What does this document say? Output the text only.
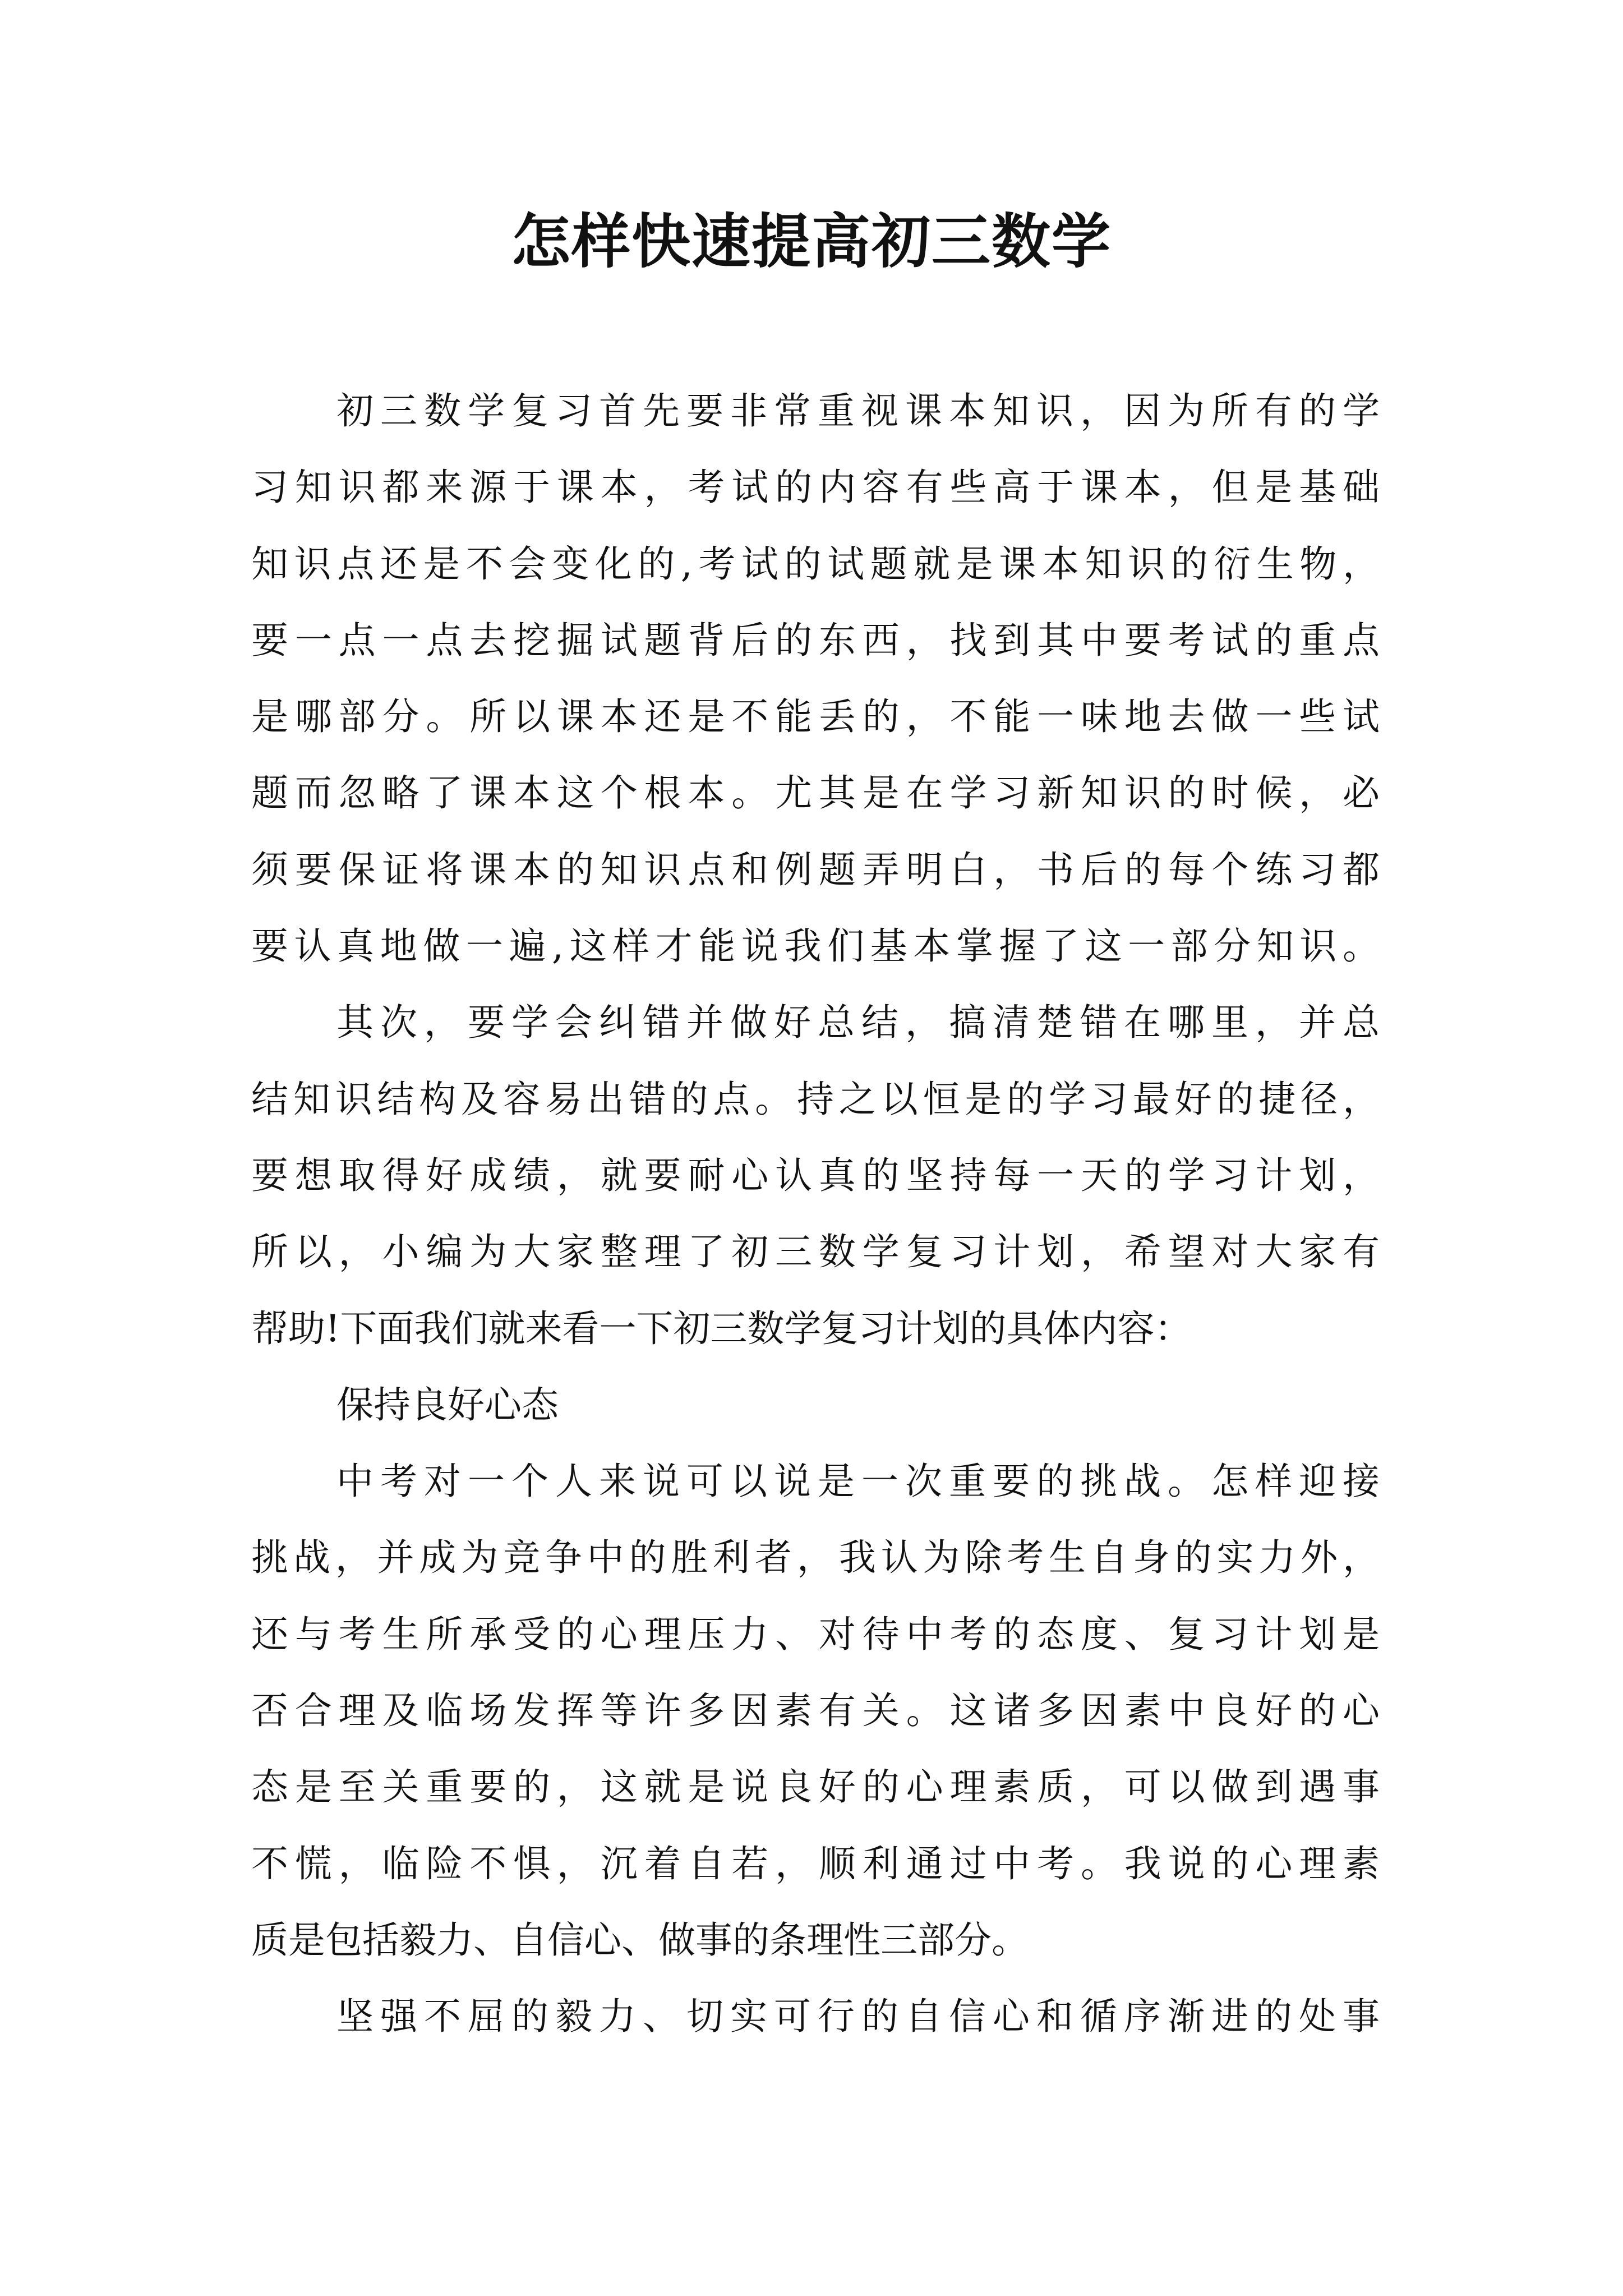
怎样快速提高初三数学
初三数学复习首先要非常重视课本知识，因为所有的学
习知识都来源于课本，考试的内容有些高于课本，但是基础
知识点还是不会变化的,考试的试题就是课本知识的衍生物，
要一点一点去挖掘试题背后的东西，找到其中要考试的重点
是哪部分。所以课本还是不能丢的，不能一味地去做一些试
题而忽略了课本这个根本。尤其是在学习新知识的时候，必
须要保证将课本的知识点和例题弄明白，书后的每个练习都
要认真地做一遍,这样才能说我们基本掌握了这一部分知识。
其次，要学会纠错并做好总结，搞清楚错在哪里，并总
结知识结构及容易出错的点。持之以恒是的学习最好的捷径，
要想取得好成绩，就要耐心认真的坚持每一天的学习计划，
所以，小编为大家整理了初三数学复习计划，希望对大家有
帮助!下面我们就来看一下初三数学复习计划的具体内容：
保持良好心态
中考对一个人来说可以说是一次重要的挑战。怎样迎接
挑战，并成为竞争中的胜利者，我认为除考生自身的实力外，
还与考生所承受的心理压力、对待中考的态度、复习计划是
否合理及临场发挥等许多因素有关。这诸多因素中良好的心
态是至关重要的，这就是说良好的心理素质，可以做到遇事
不慌，临险不惧，沉着自若，顺利通过中考。我说的心理素
质是包括毅力、自信心、做事的条理性三部分。
坚强不屈的毅力、切实可行的自信心和循序渐进的处事
